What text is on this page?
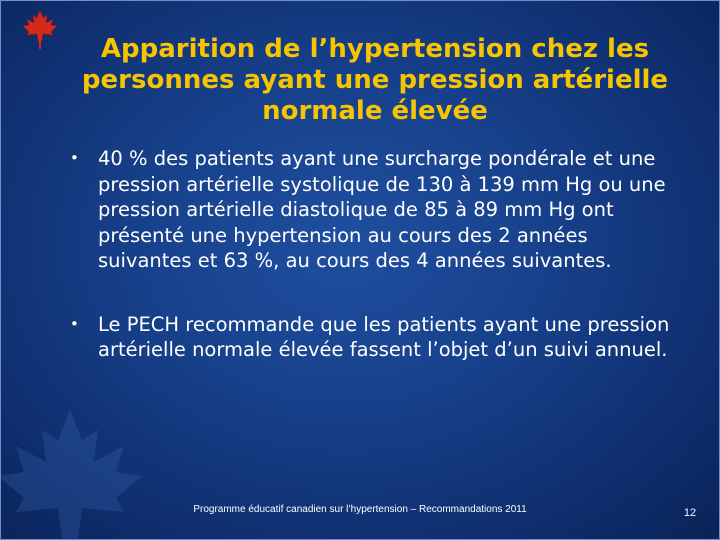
Apparition de l’hypertension chez les personnes ayant une pression artérielle normale élevée
• 40 % des patients ayant une surcharge pondérale et une pression artérielle systolique de 130 à 139 mm Hg ou une pression artérielle diastolique de 85 à 89 mm Hg ont présenté une hypertension au cours des 2 années suivantes et 63 %, au cours des 4 années suivantes.
• Le PECH recommande que les patients ayant une pression artérielle normale élevée fassent l’objet d’un suivi annuel.
Programme éducatif canadien sur l’hypertension – Recommandations 2011	12
